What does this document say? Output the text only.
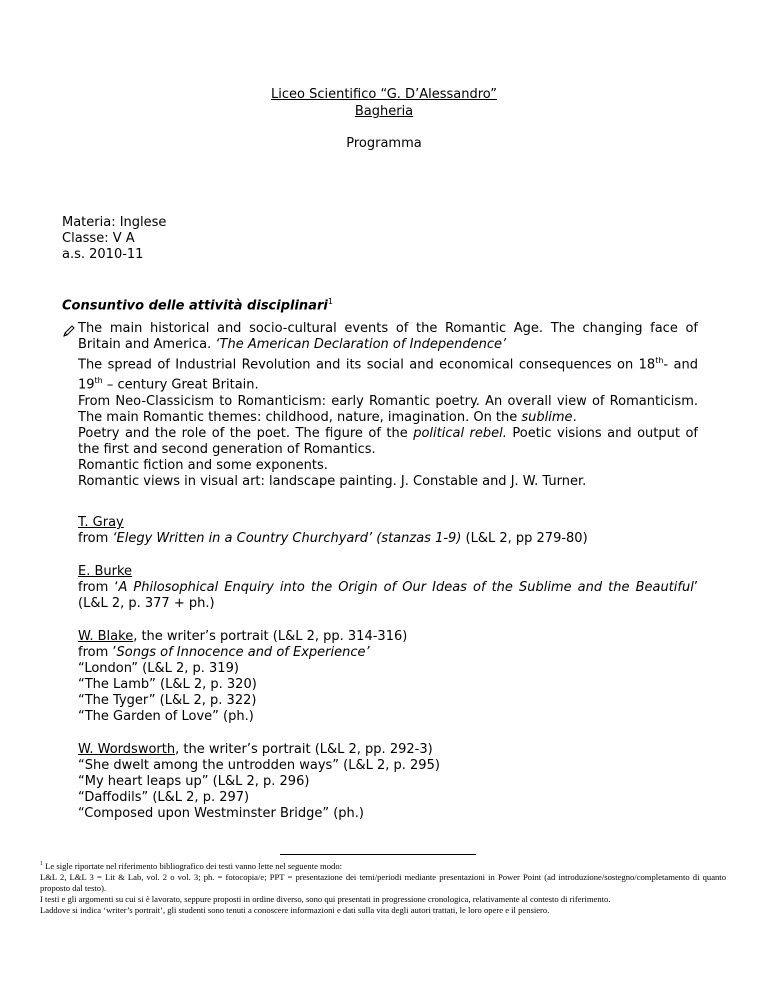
Liceo Scientifico “G. D’Alessandro”
Bagheria
Programma
Materia: Inglese
Classe: V A
a.s. 2010-11
Consuntivo delle attività disciplinari$^1$

The main historical and socio-cultural events of the Romantic Age. The changing face of Britain and America. ‘The American Declaration of Independence’

The spread of Industrial Revolution and its social and economical consequences on 18th- and 19th – century Great Britain.

From Neo-Classicism to Romanticism: early Romantic poetry. An overall view of Romanticism. The main Romantic themes: childhood, nature, imagination. On the sublime.

Poetry and the role of the poet. The figure of the political rebel. Poetic visions and output of the first and second generation of Romantics.

Romantic fiction and some exponents.

Romantic views in visual art: landscape painting. J. Constable and J. W. Turner.

T. Gray
from ‘Elegy Written in a Country Churchyard’ (stanzas 1-9) (L&L 2, pp 279-80)
E. Burke
from ‘A Philosophical Enquiry into the Origin of Our Ideas of the Sublime and the Beautiful’ (L&L 2, p. 377 + ph.)
W. Blake, the writer’s portrait (L&L 2, pp. 314-316)
from ’Songs of Innocence and of Experience’
“London” (L&L 2, p. 319)
“The Lamb” (L&L 2, p. 320)
“The Tyger” (L&L 2, p. 322)
“The Garden of Love” (ph.)
W. Wordsworth, the writer’s portrait (L&L 2, pp. 292-3)
“She dwelt among the untrodden ways” (L&L 2, p. 295)
“My heart leaps up” (L&L 2, p. 296)
“Daffodils” (L&L 2, p. 297)
“Composed upon Westminster Bridge” (ph.)
$^1$ Le sigle riportate nel riferimento bibliografico dei testi vanno lette nel seguente modo:
L&L 2, L&L 3 = Lit & Lab, vol. 2 o vol. 3; ph. = fotocopia/e; PPT = presentazione dei temi/periodi mediante presentazioni in Power Point (ad introduzione/sostegno/completamento di quanto proposto dal testo).
I testi e gli argomenti su cui si è lavorato, seppure proposti in ordine diverso, sono qui presentati in progressione cronologica, relativamente al contesto di riferimento.
Laddove si indica ‘writer’s portrait’, gli studenti sono tenuti a conoscere informazioni e dati sulla vita degli autori trattati, le loro opere e il pensiero.
